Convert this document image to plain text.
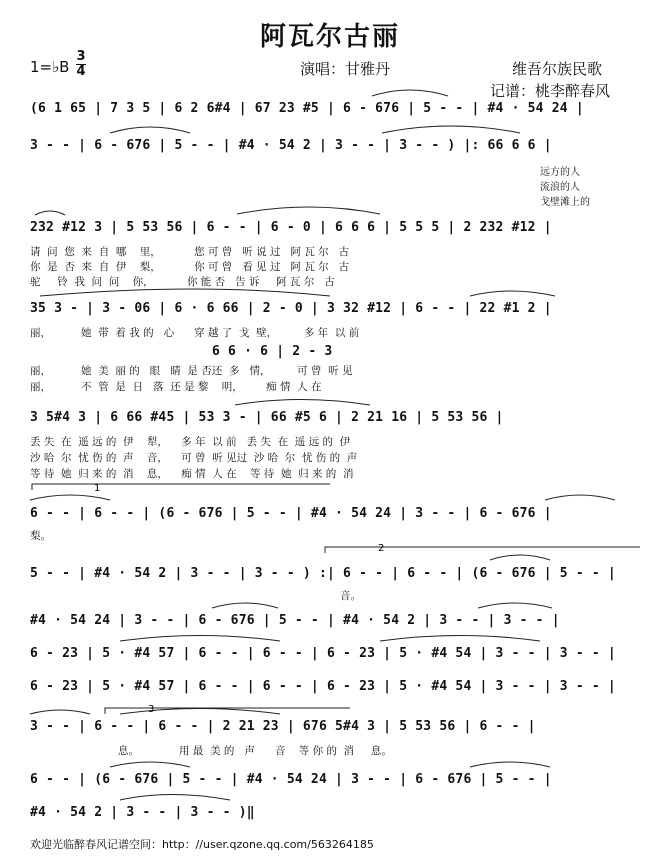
阿瓦尔古丽
1=♭B
3
4	演唱：甘雅丹	维吾尔族民歌
记谱：桃李醉春风
(6 1 65 | 7 3 5 | 6 2 6#4 | 67 23 #5 | 6 - 676 | 5 - - | #4 · 54 24 |
3 - - | 6 - 676 | 5 - - | #4 · 54 2 | 3 - - | 3 - - ) |: 66 6 6 |
远方的人
流浪的人
戈壁滩上的
232 #12 3 | 5 53 56 | 6 - - | 6 - 0 | 6 6 6 | 5 5 5 | 2 232 #12 |
请  问  您  来  自  哪    里，          您 可 曾   听 说 过   阿 瓦 尔   古
你  是  否  来  自  伊    梨，          你 可 曾   看 见 过   阿 瓦 尔   古
驼     铃  我  问  问    你，          你 能 否   告 诉     阿 瓦 尔   古
35 3 - | 3 - 06 | 6 · 6 66 | 2 - 0 | 3 32 #12 | 6 - - | 22 #1 2 |
丽，         她  带  着 我 的   心      穿 越 了  戈  壁，        多 年  以 前
6 6 · 6 | 2 - 3
丽，         她  美  丽 的   眼   睛  是 否还  多   情，        可 曾  听 见
丽，         不  管  是  日   落  还 是 黎    明，       痴 情  人 在
3 5#4 3 | 6 66 #45 | 53 3 - | 66 #5 6 | 2 21 16 | 5 53 56 |
丢 失  在  遥 远 的  伊    犁，    多 年  以 前   丢 失  在  遥 远 的  伊
沙 哈  尔  忧 伤 的  声    音，    可 曾  听 见过  沙 哈  尔  忧 伤 的  声
等 待  她  归 来 的  消    息，    痴 情  人 在    等 待  她  归 来 的  消
6 - - | 6 - - | (6 - 676 | 5 - - | #4 · 54 24 | 3 - - | 6 - 676 |
梨。
5 - - | #4 · 54 2 | 3 - - | 3 - - ) :| 6 - - | 6 - - | (6 - 676 | 5 - - |
音。
#4 · 54 24 | 3 - - | 6 - 676 | 5 - - | #4 · 54 2 | 3 - - | 3 - - |
6 - 23 | 5 · #4 57 | 6 - - | 6 - - | 6 - 23 | 5 · #4 54 | 3 - - | 3 - - |
6 - 23 | 5 · #4 57 | 6 - - | 6 - - | 6 - 23 | 5 · #4 54 | 3 - - | 3 - - |
3 - - | 6 - - | 6 - - | 2 21 23 | 676 5#4 3 | 5 53 56 | 6 - - |
息。            用 最  美 的   声      音    等 你 的  消     息。
6 - - | (6 - 676 | 5 - - | #4 · 54 24 | 3 - - | 6 - 676 | 5 - - |
#4 · 54 2 | 3 - - | 3 - - )‖
1
2
3
欢迎光临醉春风记谱空间：http：//user.qzone.qq.com/563264185
